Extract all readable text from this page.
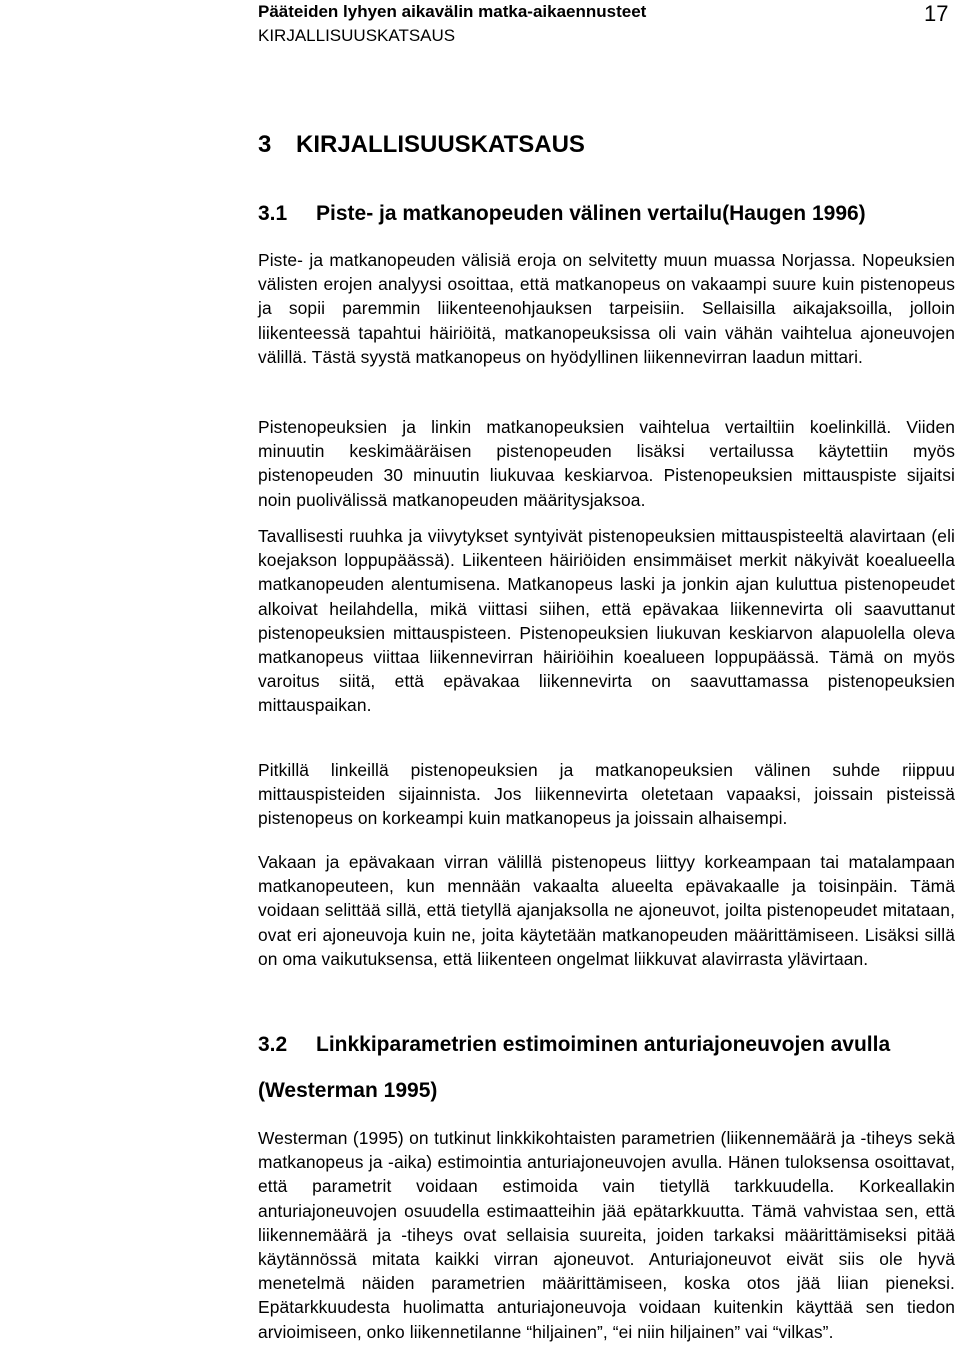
Pääteiden lyhyen aikavälin matka-aikaennusteet
KIRJALLISUUSKATSAUS
17
3 KIRJALLISUUSKATSAUS
3.1 Piste- ja matkanopeuden välinen vertailu(Haugen 1996)

Piste- ja matkanopeuden välisiä eroja on selvitetty muun muassa Norjassa. Nopeuksien välisten erojen analyysi osoittaa, että matkanopeus on vakaampi suure kuin pistenopeus ja sopii paremmin liikenteenohjauksen tarpeisiin. Sellaisilla aikajaksoilla, jolloin liikenteessä tapahtui häiriöitä, matkanopeuksissa oli vain vähän vaihtelua ajoneuvojen välillä. Tästä syystä matkanopeus on hyödyllinen liikennevirran laadun mittari.

Pistenopeuksien ja linkin matkanopeuksien vaihtelua vertailtiin koelinkillä. Viiden minuutin keskimääräisen pistenopeuden lisäksi vertailussa käytettiin myös pistenopeuden 30 minuutin liukuvaa keskiarvoa. Pistenopeuksien mittauspiste sijaitsi noin puolivälissä matkanopeuden määritysjaksoa.

Tavallisesti ruuhka ja viivytykset syntyivät pistenopeuksien mittauspisteeltä alavirtaan (eli koejakson loppupäässä). Liikenteen häiriöiden ensimmäiset merkit näkyivät koealueella matkanopeuden alentumisena. Matkanopeus laski ja jonkin ajan kuluttua pistenopeudet alkoivat heilahdella, mikä viittasi siihen, että epävakaa liikennevirta oli saavuttanut pistenopeuksien mittauspisteen. Pistenopeuksien liukuvan keskiarvon alapuolella oleva matkanopeus viittaa liikennevirran häiriöihin koealueen loppupäässä. Tämä on myös varoitus siitä, että epävakaa liikennevirta on saavuttamassa pistenopeuksien mittauspaikan.

Pitkillä linkeillä pistenopeuksien ja matkanopeuksien välinen suhde riippuu mittauspisteiden sijainnista. Jos liikennevirta oletetaan vapaaksi, joissain pisteissä pistenopeus on korkeampi kuin matkanopeus ja joissain alhaisempi.

Vakaan ja epävakaan virran välillä pistenopeus liittyy korkeampaan tai matalampaan matkanopeuteen, kun mennään vakaalta alueelta epävakaalle ja toisinpäin. Tämä voidaan selittää sillä, että tietyllä ajanjaksolla ne ajoneuvot, joilta pistenopeudet mitataan, ovat eri ajoneuvoja kuin ne, joita käytetään matkanopeuden määrittämiseen. Lisäksi sillä on oma vaikutuksensa, että liikenteen ongelmat liikkuvat alavirrasta ylävirtaan.

3.2 Linkkiparametrien estimoiminen anturiajoneuvojen avulla
(Westerman 1995)

Westerman (1995) on tutkinut linkkikohtaisten parametrien (liikennemäärä ja -tiheys sekä matkanopeus ja -aika) estimointia anturiajoneuvojen avulla. Hänen tuloksensa osoittavat, että parametrit voidaan estimoida vain tietyllä tarkkuudella. Korkeallakin anturiajoneuvojen osuudella estimaatteihin jää epätarkkuutta. Tämä vahvistaa sen, että liikennemäärä ja -tiheys ovat sellaisia suureita, joiden tarkaksi määrittämiseksi pitää käytännössä mitata kaikki virran ajoneuvot. Anturiajoneuvot eivät siis ole hyvä menetelmä näiden parametrien määrittämiseen, koska otos jää liian pieneksi. Epätarkkuudesta huolimatta anturiajoneuvoja voidaan kuitenkin käyttää sen tiedon arvioimiseen, onko liikennetilanne “hiljainen”, “ei niin hiljainen” vai “vilkas”.
